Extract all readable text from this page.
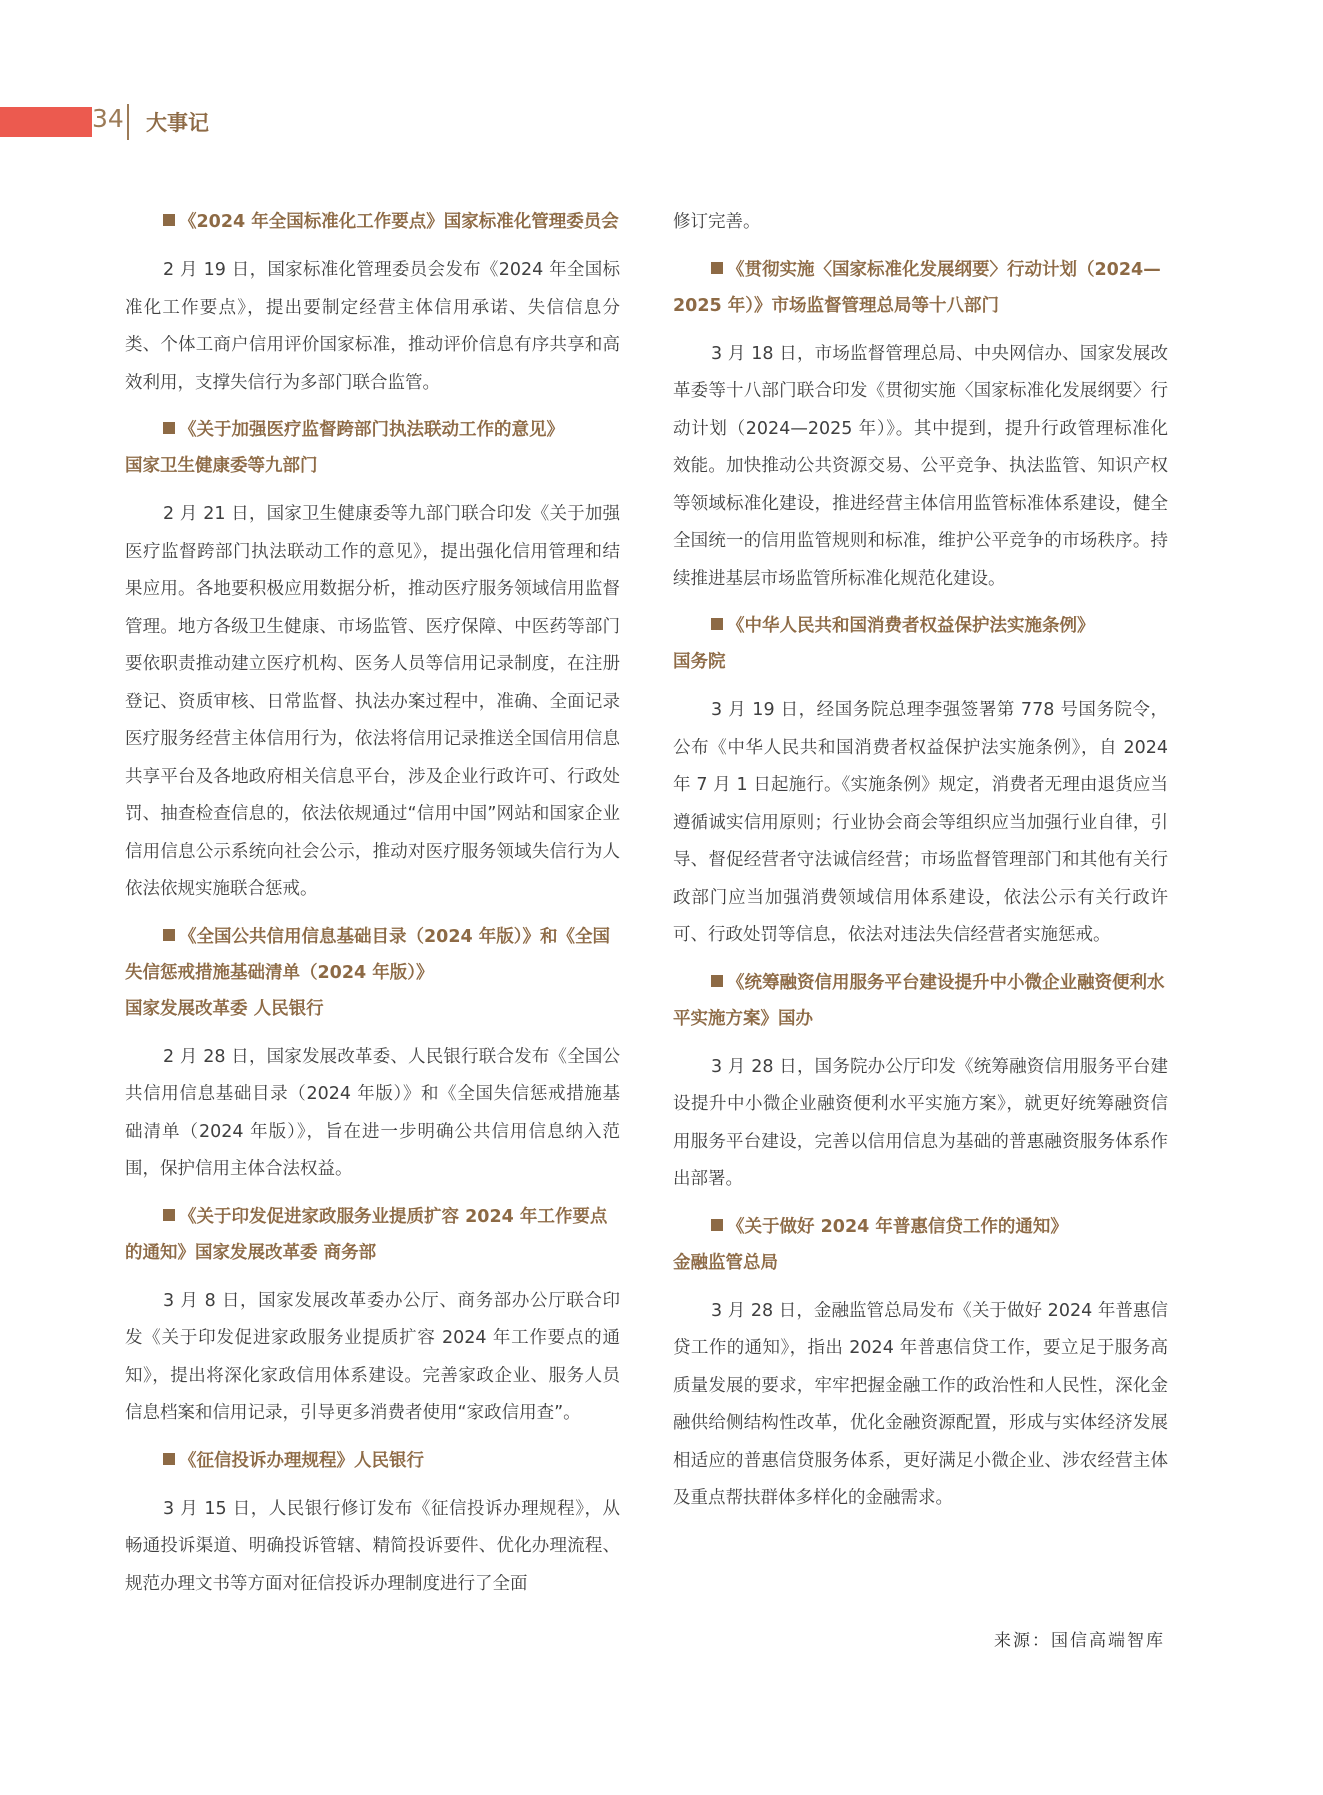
34 大事记
《2024 年全国标准化工作要点》国家标准化管理委员会

2 月 19 日，国家标准化管理委员会发布《2024 年全国标准化工作要点》，提出要制定经营主体信用承诺、失信信息分类、个体工商户信用评价国家标准，推动评价信息有序共享和高效利用，支撑失信行为多部门联合监管。

《关于加强医疗监督跨部门执法联动工作的意见》
国家卫生健康委等九部门

2 月 21 日，国家卫生健康委等九部门联合印发《关于加强医疗监督跨部门执法联动工作的意见》，提出强化信用管理和结果应用。各地要积极应用数据分析，推动医疗服务领域信用监督管理。地方各级卫生健康、市场监管、医疗保障、中医药等部门要依职责推动建立医疗机构、医务人员等信用记录制度，在注册登记、资质审核、日常监督、执法办案过程中，准确、全面记录医疗服务经营主体信用行为，依法将信用记录推送全国信用信息共享平台及各地政府相关信息平台，涉及企业行政许可、行政处罚、抽查检查信息的，依法依规通过“信用中国”网站和国家企业信用信息公示系统向社会公示，推动对医疗服务领域失信行为人依法依规实施联合惩戒。

《全国公共信用信息基础目录（2024 年版）》和《全国失信惩戒措施基础清单（2024 年版）》
国家发展改革委 人民银行

2 月 28 日，国家发展改革委、人民银行联合发布《全国公共信用信息基础目录（2024 年版）》和《全国失信惩戒措施基础清单（2024 年版）》，旨在进一步明确公共信用信息纳入范围，保护信用主体合法权益。

《关于印发促进家政服务业提质扩容 2024 年工作要点的通知》国家发展改革委 商务部

3 月 8 日，国家发展改革委办公厅、商务部办公厅联合印发《关于印发促进家政服务业提质扩容 2024 年工作要点的通知》，提出将深化家政信用体系建设。完善家政企业、服务人员信息档案和信用记录，引导更多消费者使用“家政信用查”。

《征信投诉办理规程》人民银行

3 月 15 日，人民银行修订发布《征信投诉办理规程》，从畅通投诉渠道、明确投诉管辖、精简投诉要件、优化办理流程、规范办理文书等方面对征信投诉办理制度进行了全面

修订完善。

《贯彻实施〈国家标准化发展纲要〉行动计划（2024—2025 年）》市场监督管理总局等十八部门

3 月 18 日，市场监督管理总局、中央网信办、国家发展改革委等十八部门联合印发《贯彻实施〈国家标准化发展纲要〉行动计划（2024—2025 年）》。其中提到，提升行政管理标准化效能。加快推动公共资源交易、公平竞争、执法监管、知识产权等领域标准化建设，推进经营主体信用监管标准体系建设，健全全国统一的信用监管规则和标准，维护公平竞争的市场秩序。持续推进基层市场监管所标准化规范化建设。

《中华人民共和国消费者权益保护法实施条例》
国务院

3 月 19 日，经国务院总理李强签署第 778 号国务院令，公布《中华人民共和国消费者权益保护法实施条例》，自 2024 年 7 月 1 日起施行。《实施条例》规定，消费者无理由退货应当遵循诚实信用原则；行业协会商会等组织应当加强行业自律，引导、督促经营者守法诚信经营；市场监督管理部门和其他有关行政部门应当加强消费领域信用体系建设，依法公示有关行政许可、行政处罚等信息，依法对违法失信经营者实施惩戒。

《统筹融资信用服务平台建设提升中小微企业融资便利水平实施方案》国办

3 月 28 日，国务院办公厅印发《统筹融资信用服务平台建设提升中小微企业融资便利水平实施方案》，就更好统筹融资信用服务平台建设，完善以信用信息为基础的普惠融资服务体系作出部署。

《关于做好 2024 年普惠信贷工作的通知》
金融监管总局

3 月 28 日，金融监管总局发布《关于做好 2024 年普惠信贷工作的通知》，指出 2024 年普惠信贷工作，要立足于服务高质量发展的要求，牢牢把握金融工作的政治性和人民性，深化金融供给侧结构性改革，优化金融资源配置，形成与实体经济发展相适应的普惠信贷服务体系，更好满足小微企业、涉农经营主体及重点帮扶群体多样化的金融需求。

来源：国信高端智库
